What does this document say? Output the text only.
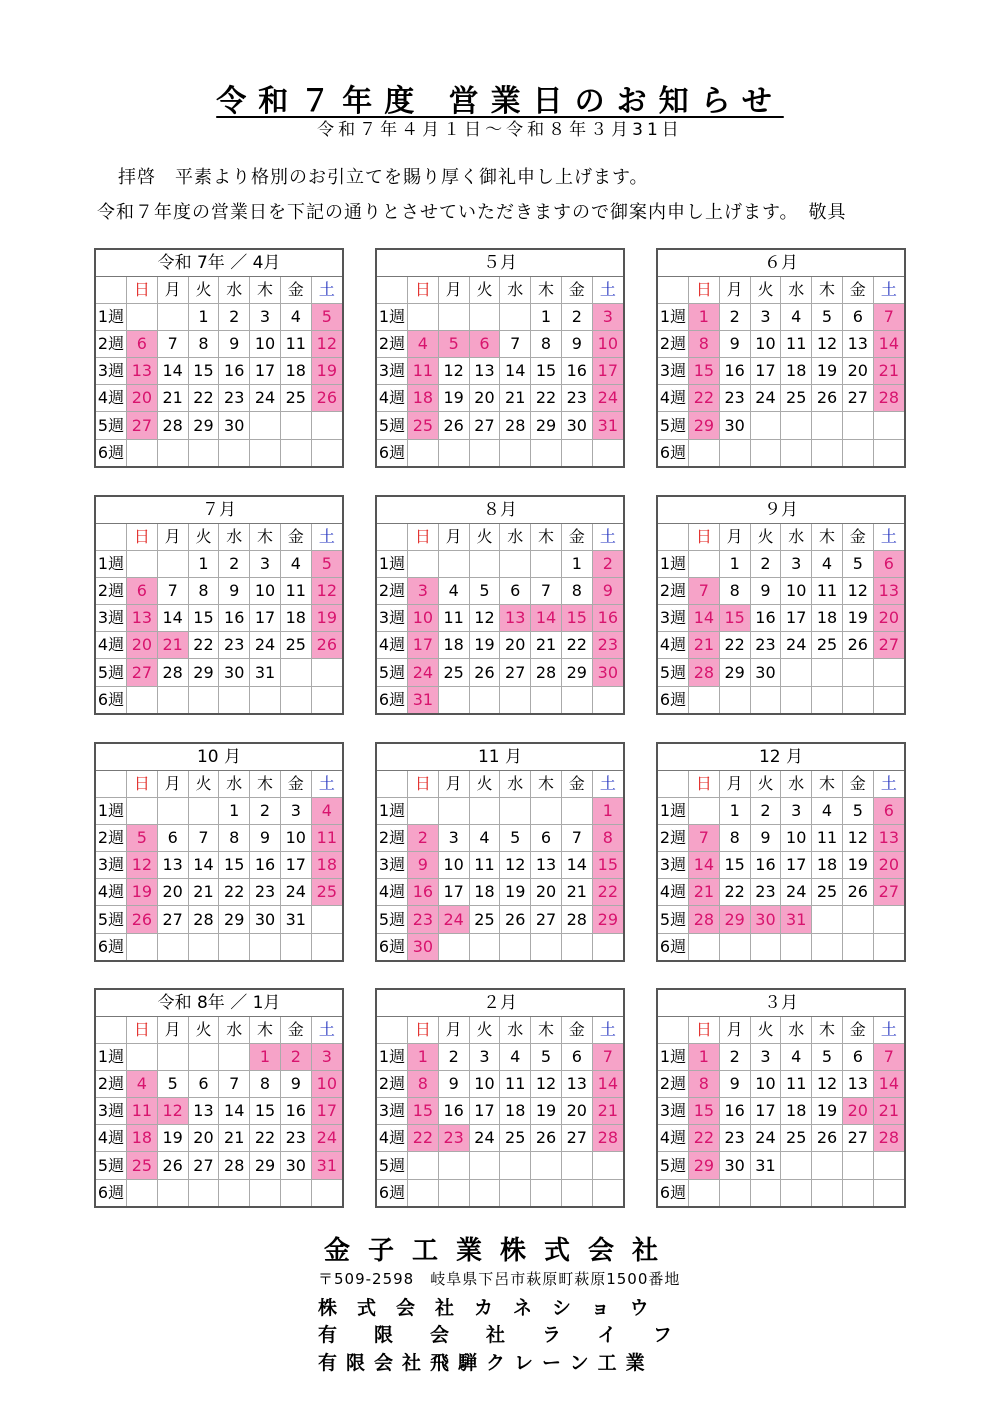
令和７年度 営業日のお知らせ
令和７年４月１日～令和８年３月31日
拝啓　平素より格別のお引立てを賜り厚く御礼申し上げます。
令和７年度の営業日を下記の通りとさせていただきますので御案内申し上げます。　敬具
令和 7年 ／ 4月
	日	月	火	水	木	金	土
1週			1	2	3	4	5
2週	6	7	8	9	10	11	12
3週	13	14	15	16	17	18	19
4週	20	21	22	23	24	25	26
5週	27	28	29	30			
6週							
５月
	日	月	火	水	木	金	土
1週					1	2	3
2週	4	5	6	7	8	9	10
3週	11	12	13	14	15	16	17
4週	18	19	20	21	22	23	24
5週	25	26	27	28	29	30	31
6週							
６月
	日	月	火	水	木	金	土
1週	1	2	3	4	5	6	7
2週	8	9	10	11	12	13	14
3週	15	16	17	18	19	20	21
4週	22	23	24	25	26	27	28
5週	29	30					
6週							
７月
	日	月	火	水	木	金	土
1週			1	2	3	4	5
2週	6	7	8	9	10	11	12
3週	13	14	15	16	17	18	19
4週	20	21	22	23	24	25	26
5週	27	28	29	30	31		
6週							
８月
	日	月	火	水	木	金	土
1週						1	2
2週	3	4	5	6	7	8	9
3週	10	11	12	13	14	15	16
4週	17	18	19	20	21	22	23
5週	24	25	26	27	28	29	30
6週	31						
９月
	日	月	火	水	木	金	土
1週		1	2	3	4	5	6
2週	7	8	9	10	11	12	13
3週	14	15	16	17	18	19	20
4週	21	22	23	24	25	26	27
5週	28	29	30				
6週							
10 月
	日	月	火	水	木	金	土
1週				1	2	3	4
2週	5	6	7	8	9	10	11
3週	12	13	14	15	16	17	18
4週	19	20	21	22	23	24	25
5週	26	27	28	29	30	31	
6週							
11 月
	日	月	火	水	木	金	土
1週							1
2週	2	3	4	5	6	7	8
3週	9	10	11	12	13	14	15
4週	16	17	18	19	20	21	22
5週	23	24	25	26	27	28	29
6週	30						
12 月
	日	月	火	水	木	金	土
1週		1	2	3	4	5	6
2週	7	8	9	10	11	12	13
3週	14	15	16	17	18	19	20
4週	21	22	23	24	25	26	27
5週	28	29	30	31			
6週							
令和 8年 ／ 1月
	日	月	火	水	木	金	土
1週					1	2	3
2週	4	5	6	7	8	9	10
3週	11	12	13	14	15	16	17
4週	18	19	20	21	22	23	24
5週	25	26	27	28	29	30	31
6週							
２月
	日	月	火	水	木	金	土
1週	1	2	3	4	5	6	7
2週	8	9	10	11	12	13	14
3週	15	16	17	18	19	20	21
4週	22	23	24	25	26	27	28
5週							
6週							
３月
	日	月	火	水	木	金	土
1週	1	2	3	4	5	6	7
2週	8	9	10	11	12	13	14
3週	15	16	17	18	19	20	21
4週	22	23	24	25	26	27	28
5週	29	30	31				
6週							
金子工業株式会社
〒509-2598　岐阜県下呂市萩原町萩原1500番地
株式会社カネショウ
有限会社ライフ
有限会社飛騨クレーン工業
